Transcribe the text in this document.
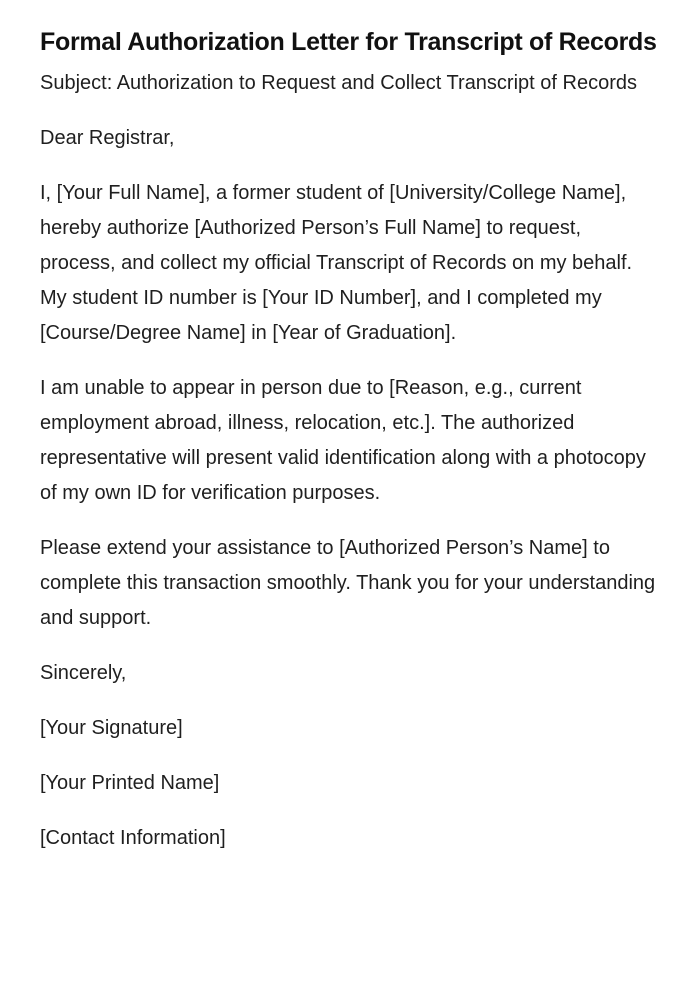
Formal Authorization Letter for Transcript of Records

Subject: Authorization to Request and Collect Transcript of Records

Dear Registrar,

I, [Your Full Name], a former student of [University/College Name], hereby authorize [Authorized Person’s Full Name] to request, process, and collect my official Transcript of Records on my behalf. My student ID number is [Your ID Number], and I completed my [Course/Degree Name] in [Year of Graduation].

I am unable to appear in person due to [Reason, e.g., current employment abroad, illness, relocation, etc.]. The authorized representative will present valid identification along with a photocopy of my own ID for verification purposes.

Please extend your assistance to [Authorized Person’s Name] to complete this transaction smoothly. Thank you for your understanding and support.

Sincerely,

[Your Signature]

[Your Printed Name]

[Contact Information]
